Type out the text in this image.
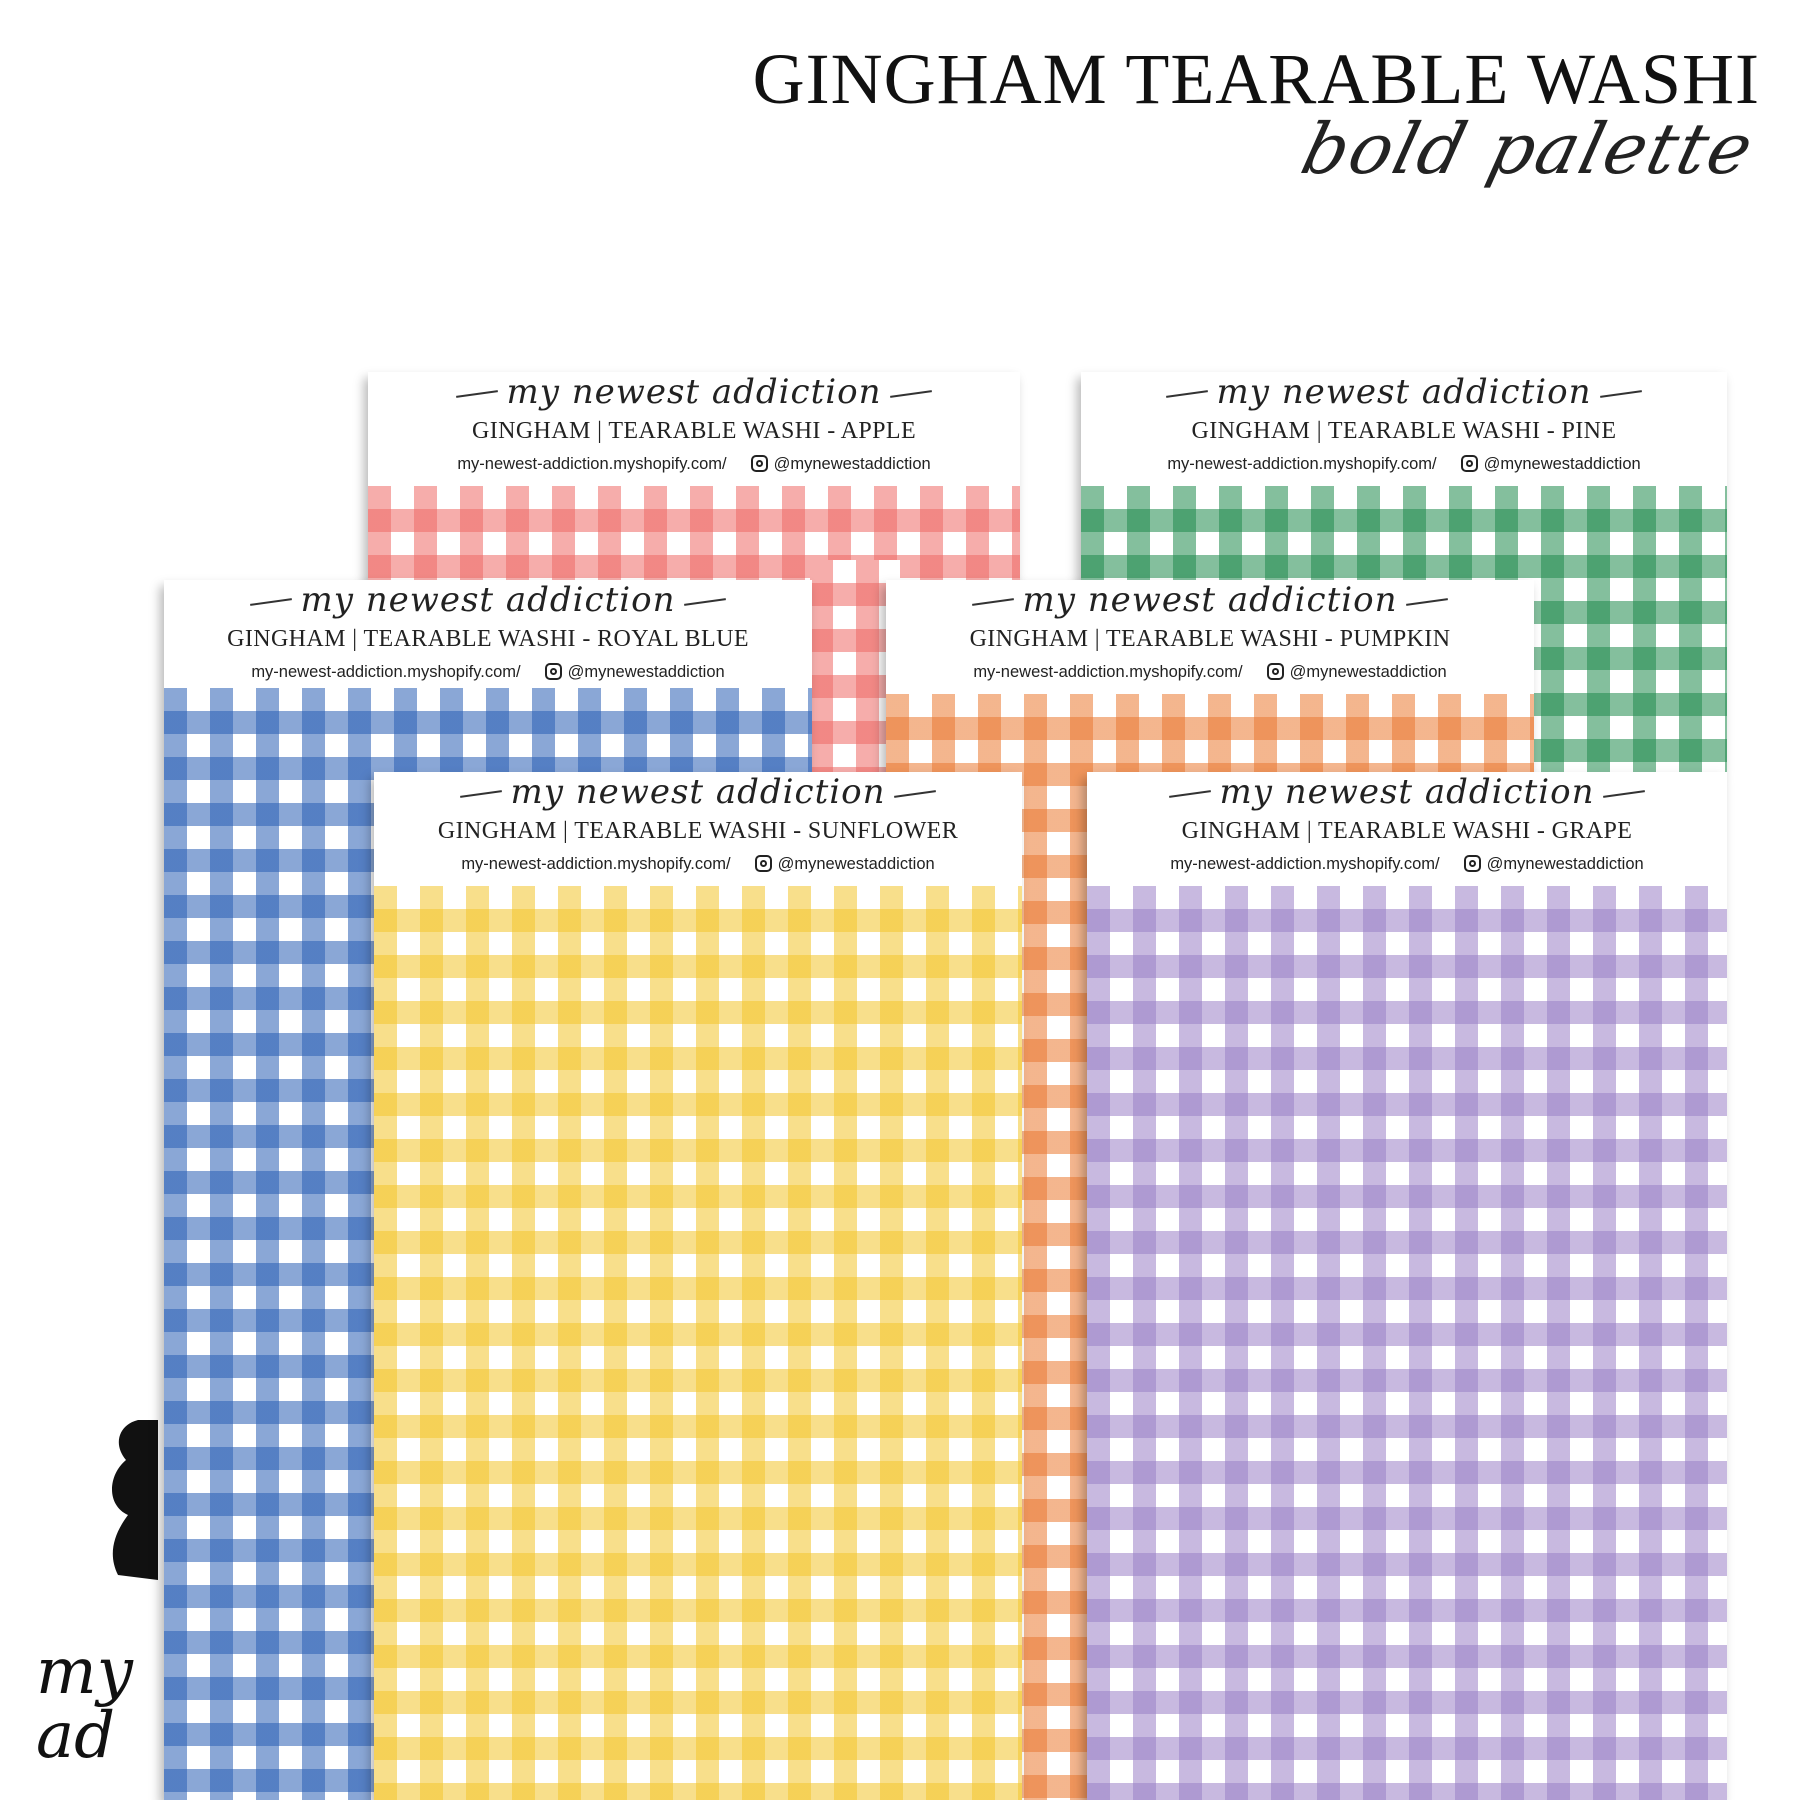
GINGHAM TEARABLE WASHI
bold palette
my newest addiction
GINGHAM | TEARABLE WASHI - APPLE
my-newest-addiction.myshopify.com/	@mynewestaddiction
my newest addiction
GINGHAM | TEARABLE WASHI - PINE
my-newest-addiction.myshopify.com/	@mynewestaddiction
my newest addiction
GINGHAM | TEARABLE WASHI - ROYAL BLUE
my-newest-addiction.myshopify.com/	@mynewestaddiction
my newest addiction
GINGHAM | TEARABLE WASHI - PUMPKIN
my-newest-addiction.myshopify.com/	@mynewestaddiction
my newest addiction
GINGHAM | TEARABLE WASHI - SUNFLOWER
my-newest-addiction.myshopify.com/	@mynewestaddiction
my newest addiction
GINGHAM | TEARABLE WASHI - GRAPE
my-newest-addiction.myshopify.com/	@mynewestaddiction
my
ad
